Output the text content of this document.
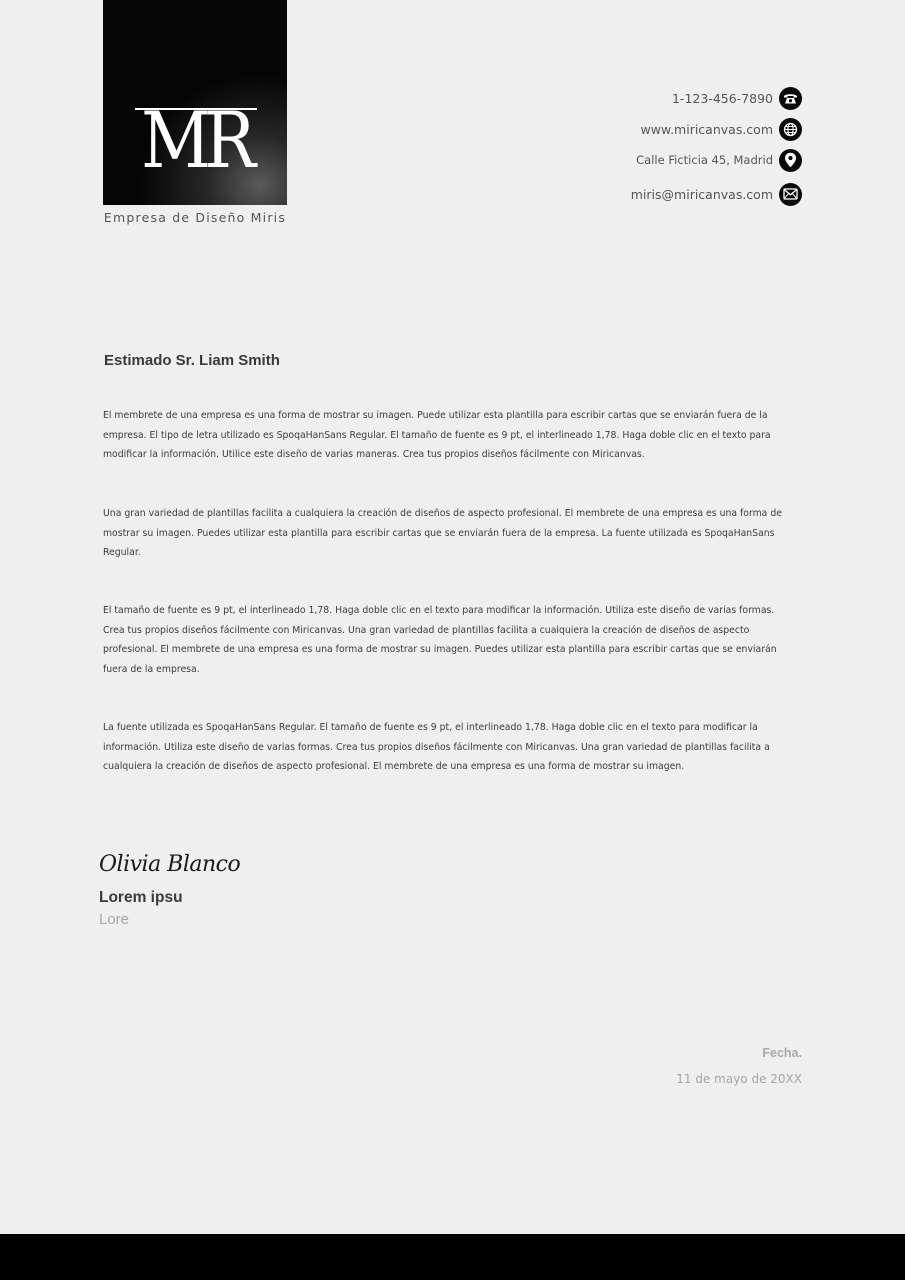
MR
Empresa de Diseño Miris
1-123-456-7890
www.miricanvas.com
Calle Ficticia 45, Madrid
miris@miricanvas.com
Estimado Sr. Liam Smith

El membrete de una empresa es una forma de mostrar su imagen. Puede utilizar esta plantilla para escribir cartas que se enviarán fuera de la empresa. El tipo de letra utilizado es SpoqaHanSans Regular. El tamaño de fuente es 9 pt, el interlineado 1,78. Haga doble clic en el texto para modificar la información. Utilice este diseño de varias maneras. Crea tus propios diseños fácilmente con Miricanvas.

Una gran variedad de plantillas facilita a cualquiera la creación de diseños de aspecto profesional. El membrete de una empresa es una forma de mostrar su imagen. Puedes utilizar esta plantilla para escribir cartas que se enviarán fuera de la empresa. La fuente utilizada es SpoqaHanSans Regular.

El tamaño de fuente es 9 pt, el interlineado 1,78. Haga doble clic en el texto para modificar la información. Utiliza este diseño de varias formas. Crea tus propios diseños fácilmente con Miricanvas. Una gran variedad de plantillas facilita a cualquiera la creación de diseños de aspecto profesional. El membrete de una empresa es una forma de mostrar su imagen. Puedes utilizar esta plantilla para escribir cartas que se enviarán fuera de la empresa.

La fuente utilizada es SpoqaHanSans Regular. El tamaño de fuente es 9 pt, el interlineado 1,78. Haga doble clic en el texto para modificar la información. Utiliza este diseño de varias formas. Crea tus propios diseños fácilmente con Miricanvas. Una gran variedad de plantillas facilita a cualquiera la creación de diseños de aspecto profesional. El membrete de una empresa es una forma de mostrar su imagen.

Olivia Blanco
Lorem ipsu
Lore
Fecha.
11 de mayo de 20XX
